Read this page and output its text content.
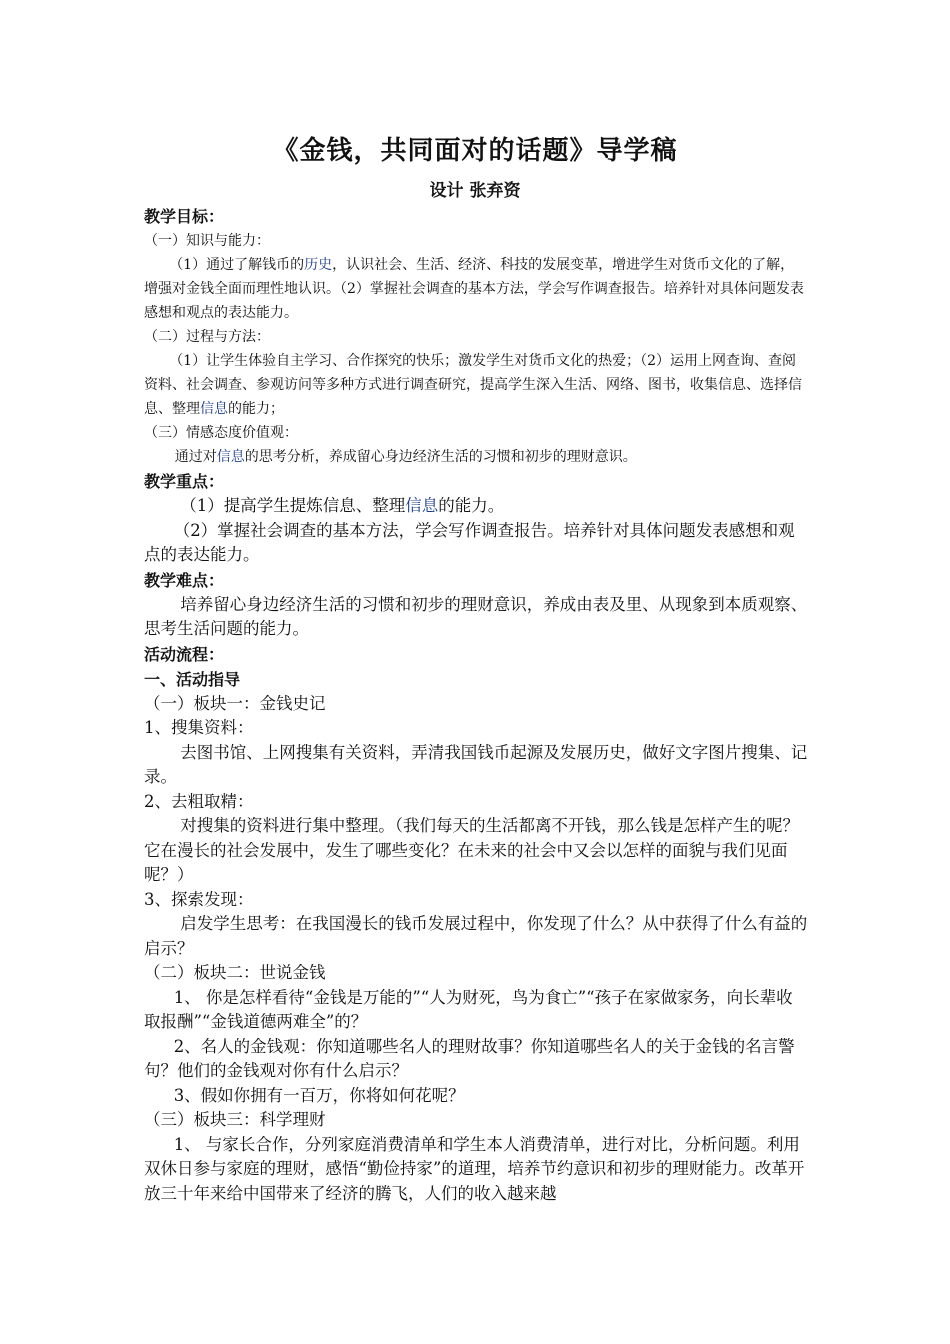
《金钱，共同面对的话题》导学稿
设计 张弃资
教学目标：
（一）知识与能力：
（1）通过了解钱币的历史，认识社会、生活、经济、科技的发展变革，增进学生对货币文化的了解，增强对金钱全面而理性地认识。（2）掌握社会调查的基本方法，学会写作调查报告。培养针对具体问题发表感想和观点的表达能力。
（二）过程与方法：
（1）让学生体验自主学习、合作探究的快乐；激发学生对货币文化的热爱；（2）运用上网查询、查阅资料、社会调查、参观访问等多种方式进行调查研究，提高学生深入生活、网络、图书，收集信息、选择信息、整理信息的能力；
（三）情感态度价值观：
通过对信息的思考分析，养成留心身边经济生活的习惯和初步的理财意识。
教学重点：
（1）提高学生提炼信息、整理信息的能力。
（2）掌握社会调查的基本方法，学会写作调查报告。培养针对具体问题发表感想和观点的表达能力。
教学难点：
培养留心身边经济生活的习惯和初步的理财意识，养成由表及里、从现象到本质观察、思考生活问题的能力。
活动流程：
一、活动指导
（一）板块一：金钱史记
1、搜集资料：
去图书馆、上网搜集有关资料，弄清我国钱币起源及发展历史，做好文字图片搜集、记录。
2、去粗取精：
对搜集的资料进行集中整理。（我们每天的生活都离不开钱，那么钱是怎样产生的呢？它在漫长的社会发展中，发生了哪些变化？在未来的社会中又会以怎样的面貌与我们见面呢？）
3、探索发现：
启发学生思考：在我国漫长的钱币发展过程中，你发现了什么？从中获得了什么有益的启示？
（二）板块二：世说金钱
1、 你是怎样看待“金钱是万能的”“人为财死，鸟为食亡”“孩子在家做家务，向长辈收取报酬”“金钱道德两难全”的？
2、名人的金钱观：你知道哪些名人的理财故事？你知道哪些名人的关于金钱的名言警句？他们的金钱观对你有什么启示？
3、假如你拥有一百万，你将如何花呢？
（三）板块三：科学理财
1、 与家长合作，分列家庭消费清单和学生本人消费清单，进行对比，分析问题。利用双休日参与家庭的理财，感悟“勤俭持家”的道理，培养节约意识和初步的理财能力。改革开放三十年来给中国带来了经济的腾飞，人们的收入越来越
